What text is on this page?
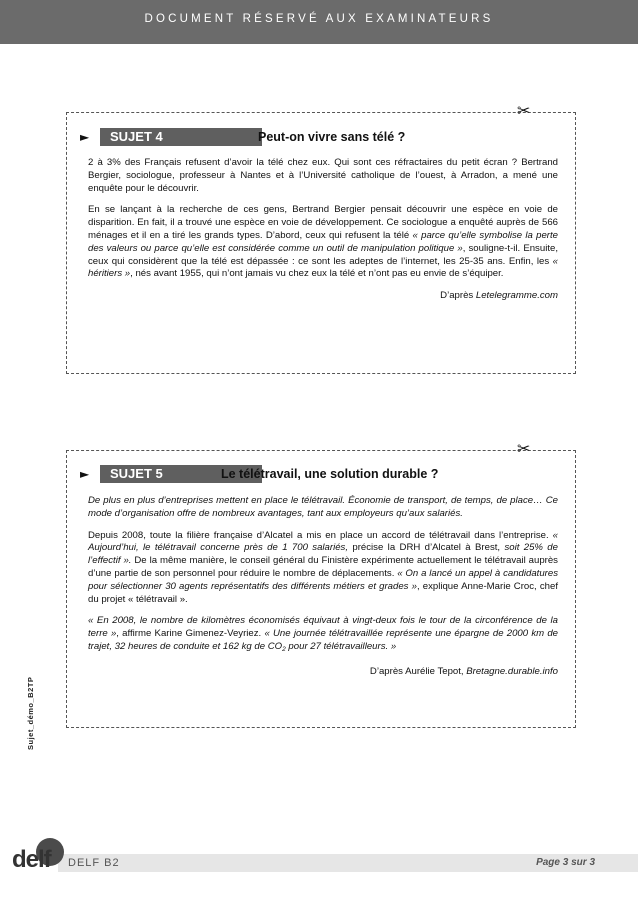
DOCUMENT RÉSERVÉ AUX EXAMINATEURS
✂
►	SUJET 4	Peut-on vivre sans télé ?

2 à 3% des Français refusent d’avoir la télé chez eux. Qui sont ces réfractaires du petit écran ? Bertrand Bergier, sociologue, professeur à Nantes et à l’Université catholique de l’ouest, à Arradon, a mené une enquête pour le découvrir.

En se lançant à la recherche de ces gens, Bertrand Bergier pensait découvrir une espèce en voie de disparition. En fait, il a trouvé une espèce en voie de développement. Ce sociologue a enquêté auprès de 566 ménages et il en a tiré les grands types. D’abord, ceux qui refusent la télé « parce qu’elle symbolise la perte des valeurs ou parce qu’elle est considérée comme un outil de manipulation politique », souligne-t-il. Ensuite, ceux qui considèrent que la télé est dépassée : ce sont les adeptes de l’internet, les 25-35 ans. Enfin, les « héritiers », nés avant 1955, qui n’ont jamais vu chez eux la télé et n’ont pas eu envie de s’équiper.

D’après Letelegramme.com

✂
►	SUJET 5	Le télétravail, une solution durable ?

De plus en plus d’entreprises mettent en place le télétravail. Économie de transport, de temps, de place… Ce mode d’organisation offre de nombreux avantages, tant aux employeurs qu’aux salariés.

Depuis 2008, toute la filière française d’Alcatel a mis en place un accord de télétravail dans l’entreprise. « Aujourd’hui, le télétravail concerne près de 1 700 salariés, précise la DRH d’Alcatel à Brest, soit 25% de l’effectif ». De la même manière, le conseil général du Finistère expérimente actuellement le télétravail auprès d’une partie de son personnel pour réduire le nombre de déplacements. « On a lancé un appel à candidatures pour sélectionner 30 agents représentatifs des différents métiers et grades », explique Anne-Marie Croc, chef du projet « télétravail ».

« En 2008, le nombre de kilomètres économisés équivaut à vingt-deux fois le tour de la circonférence de la terre », affirme Karine Gimenez-Veyriez. « Une journée télétravaillée représente une épargne de 2000 km de trajet, 32 heures de conduite et 162 kg de $CO_2$ pour 27 télétravailleurs. »

D’après Aurélie Tepot, Bretagne.durable.info

Sujet_démo_B2TP
delf DELF B2	Page 3 sur 3
